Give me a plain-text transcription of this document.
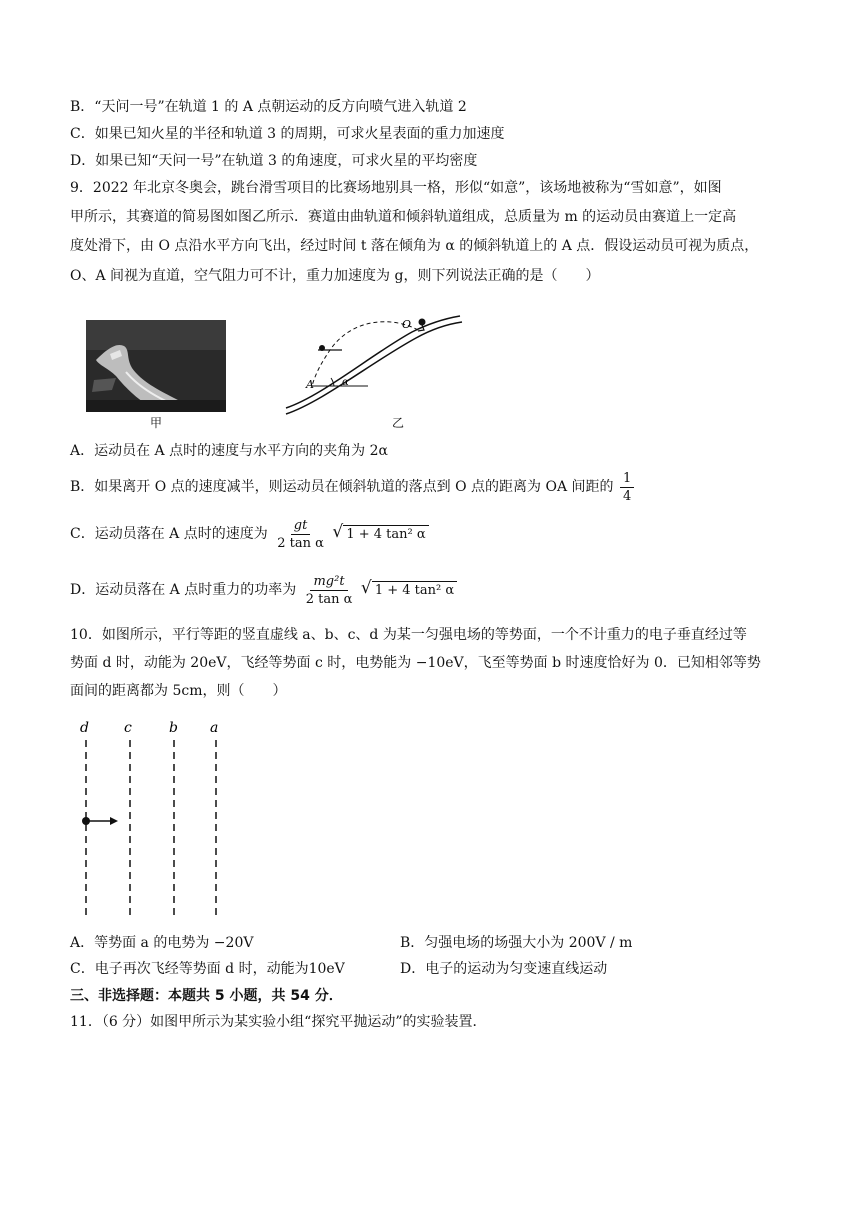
B．“天问一号”在轨道 1 的 A 点朝运动的反方向喷气进入轨道 2
C．如果已知火星的半径和轨道 3 的周期，可求火星表面的重力加速度
D．如果已知“天问一号”在轨道 3 的角速度，可求火星的平均密度
9．2022 年北京冬奥会，跳台滑雪项目的比赛场地别具一格，形似“如意”，该场地被称为“雪如意”，如图
甲所示，其赛道的简易图如图乙所示．赛道由曲轨道和倾斜轨道组成，总质量为 m 的运动员由赛道上一定高
度处滑下，由 O 点沿水平方向飞出，经过时间 t 落在倾角为 α 的倾斜轨道上的 A 点．假设运动员可视为质点，
O、A 间视为直道，空气阻力可不计，重力加速度为 g，则下列说法正确的是（　　）
甲
O
A	α
乙
A．运动员在 A 点时的速度与水平方向的夹角为 2α
B．如果离开 O 点的速度减半，则运动员在倾斜轨道的落点到 O 点的距离为 OA 间距的 $\frac{1}{4}$
C．运动员落在 A 点时的速度为 $\frac{gt}{\text{2 tan α}}$ √ 1 + 4 tan² α
D．运动员落在 A 点时重力的功率为 $\frac{\text{mg²t}}{\text{2 tan α}}$ √ 1 + 4 tan² α
10．如图所示，平行等距的竖直虚线 a、b、c、d 为某一匀强电场的等势面，一个不计重力的电子垂直经过等
势面 d 时，动能为 20eV，飞经等势面 c 时，电势能为 −10eV，飞至等势面 b 时速度恰好为 0．已知相邻等势
面间的距离都为 5cm，则（　　）
d	c	b a
A．等势面 a 的电势为 −20V	B．匀强电场的场强大小为 200V / m
C．电子再次飞经等势面 d 时，动能为10eV	D．电子的运动为匀变速直线运动
三、非选择题：本题共 5 小题，共 54 分．
11．（6 分）如图甲所示为某实验小组“探究平抛运动”的实验装置．
